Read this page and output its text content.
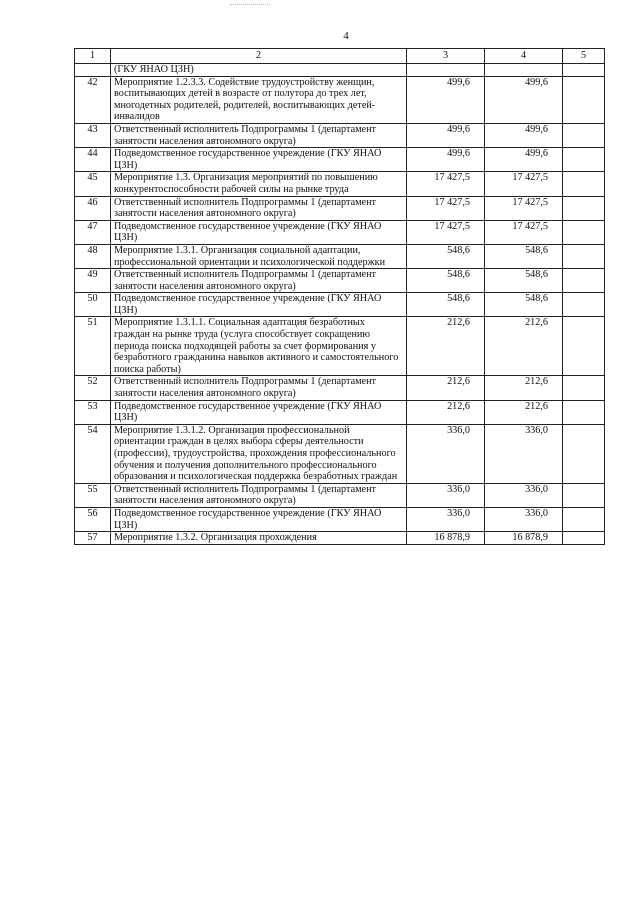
4
1	2	3	4	5
	(ГКУ ЯНАО ЦЗН)			
42	Мероприятие 1.2.3.3. Содействие трудоустройству женщин, воспитывающих детей в возрасте от полутора до трех лет, многодетных родителей, родителей, воспитывающих детей-инвалидов	499,6	499,6	
43	Ответственный исполнитель Подпрограммы 1 (департамент занятости населения автономного округа)	499,6	499,6	
44	Подведомственное государственное учреждение (ГКУ ЯНАО ЦЗН)	499,6	499,6	
45	Мероприятие 1.3. Организация мероприятий по повышению конкурентоспособности рабочей силы на рынке труда	17 427,5	17 427,5	
46	Ответственный исполнитель Подпрограммы 1 (департамент занятости населения автономного округа)	17 427,5	17 427,5	
47	Подведомственное государственное учреждение (ГКУ ЯНАО ЦЗН)	17 427,5	17 427,5	
48	Мероприятие 1.3.1. Организация социальной адаптации, профессиональной ориентации и психологической поддержки	548,6	548,6	
49	Ответственный исполнитель Подпрограммы 1 (департамент занятости населения автономного округа)	548,6	548,6	
50	Подведомственное государственное учреждение (ГКУ ЯНАО ЦЗН)	548,6	548,6	
51	Мероприятие 1.3.1.1. Социальная адаптация безработных граждан на рынке труда (услуга способствует сокращению периода поиска подходящей работы за счет формирования у безработного гражданина навыков активного и самостоятельного поиска работы)	212,6	212,6	
52	Ответственный исполнитель Подпрограммы 1 (департамент занятости населения автономного округа)	212,6	212,6	
53	Подведомственное государственное учреждение (ГКУ ЯНАО ЦЗН)	212,6	212,6	
54	Мероприятие 1.3.1.2. Организация профессиональной ориентации граждан в целях выбора сферы деятельности (профессии), трудоустройства, прохождения профессионального обучения и получения дополнительного профессионального образования и психологическая поддержка безработных граждан	336,0	336,0	
55	Ответственный исполнитель Подпрограммы 1 (департамент занятости населения автономного округа)	336,0	336,0	
56	Подведомственное государственное учреждение (ГКУ ЯНАО ЦЗН)	336,0	336,0	
57	Мероприятие 1.3.2. Организация прохождения	16 878,9	16 878,9	
